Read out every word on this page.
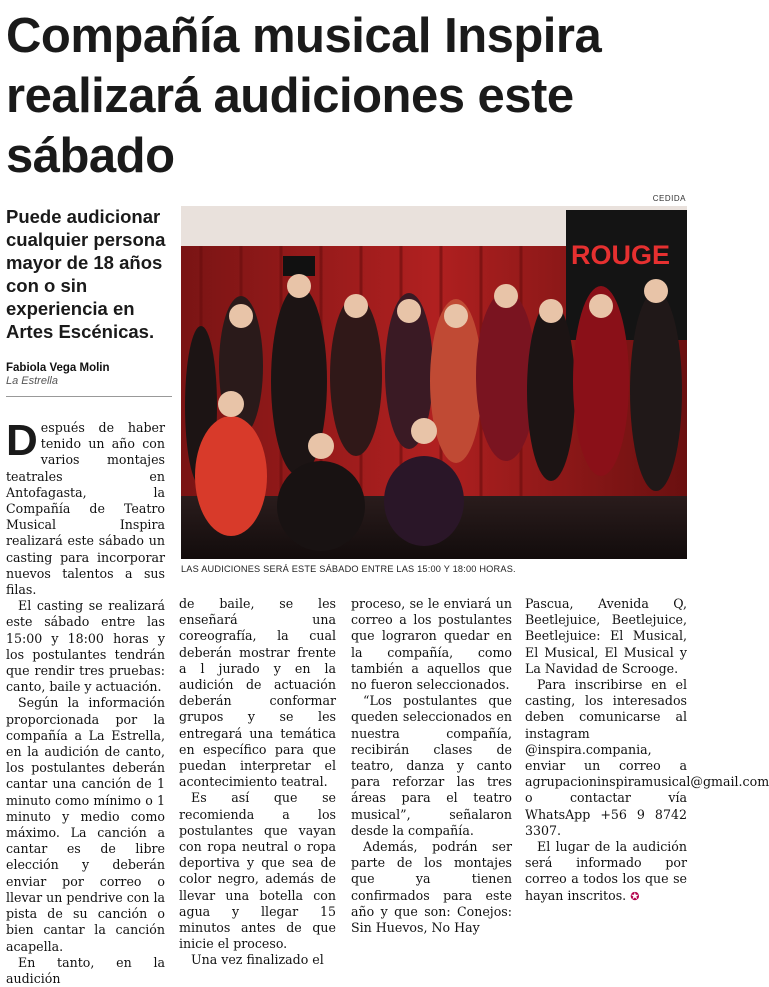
Compañía musical Inspira realizará audiciones este sábado

Puede audicionar cualquier persona mayor de 18 años con o sin experiencia en Artes Escénicas.

Fabiola Vega Molin
La Estrella
CEDIDA
ROUGE
LAS AUDICIONES SERÁ ESTE SÁBADO ENTRE LAS 15:00 Y 18:00 HORAS.

Después de haber tenido un año con varios montajes teatrales en Antofagasta, la Compañía de Teatro Musical Inspira realizará este sábado un casting para incorporar nuevos talentos a sus filas.

El casting se realizará este sábado entre las 15:00 y 18:00 horas y los postulantes tendrán que rendir tres pruebas: canto, baile y actuación.

Según la información proporcionada por la compañía a La Estrella, en la audición de canto, los postulantes deberán cantar una canción de 1 minuto como mínimo o 1 minuto y medio como máximo. La canción a cantar es de libre elección y deberán enviar por correo o llevar un pendrive con la pista de su canción o bien cantar la canción acapella.

En tanto, en la audición

de baile, se les enseñará una coreografía, la cual deberán mostrar frente a l jurado y en la audición de actuación deberán conformar grupos y se les entregará una temática en específico para que puedan interpretar el acontecimiento teatral.

Es así que se recomienda a los postulantes que vayan con ropa neutral o ropa deportiva y que sea de color negro, además de llevar una botella con agua y llegar 15 minutos antes de que inicie el proceso.

Una vez finalizado el

proceso, se le enviará un correo a los postulantes que lograron quedar en la compañía, como también a aquellos que no fueron seleccionados.

“Los postulantes que queden seleccionados en nuestra compañía, recibirán clases de teatro, danza y canto para reforzar las tres áreas para el teatro musical”, señalaron desde la compañía.

Además, podrán ser parte de los montajes que ya tienen confirmados para este año y que son: Conejos: Sin Huevos, No Hay

Pascua, Avenida Q, Beetlejuice, Beetlejuice, Beetlejuice: El Musical, El Musical, El Musical y La Navidad de Scrooge.

Para inscribirse en el casting, los interesados deben comunicarse al instagram @inspira.compania, enviar un correo a agrupacioninspiramusical@gmail.com o contactar vía WhatsApp +56 9 8742 3307.

El lugar de la audición será informado por correo a todos los que se hayan inscritos. ✪
